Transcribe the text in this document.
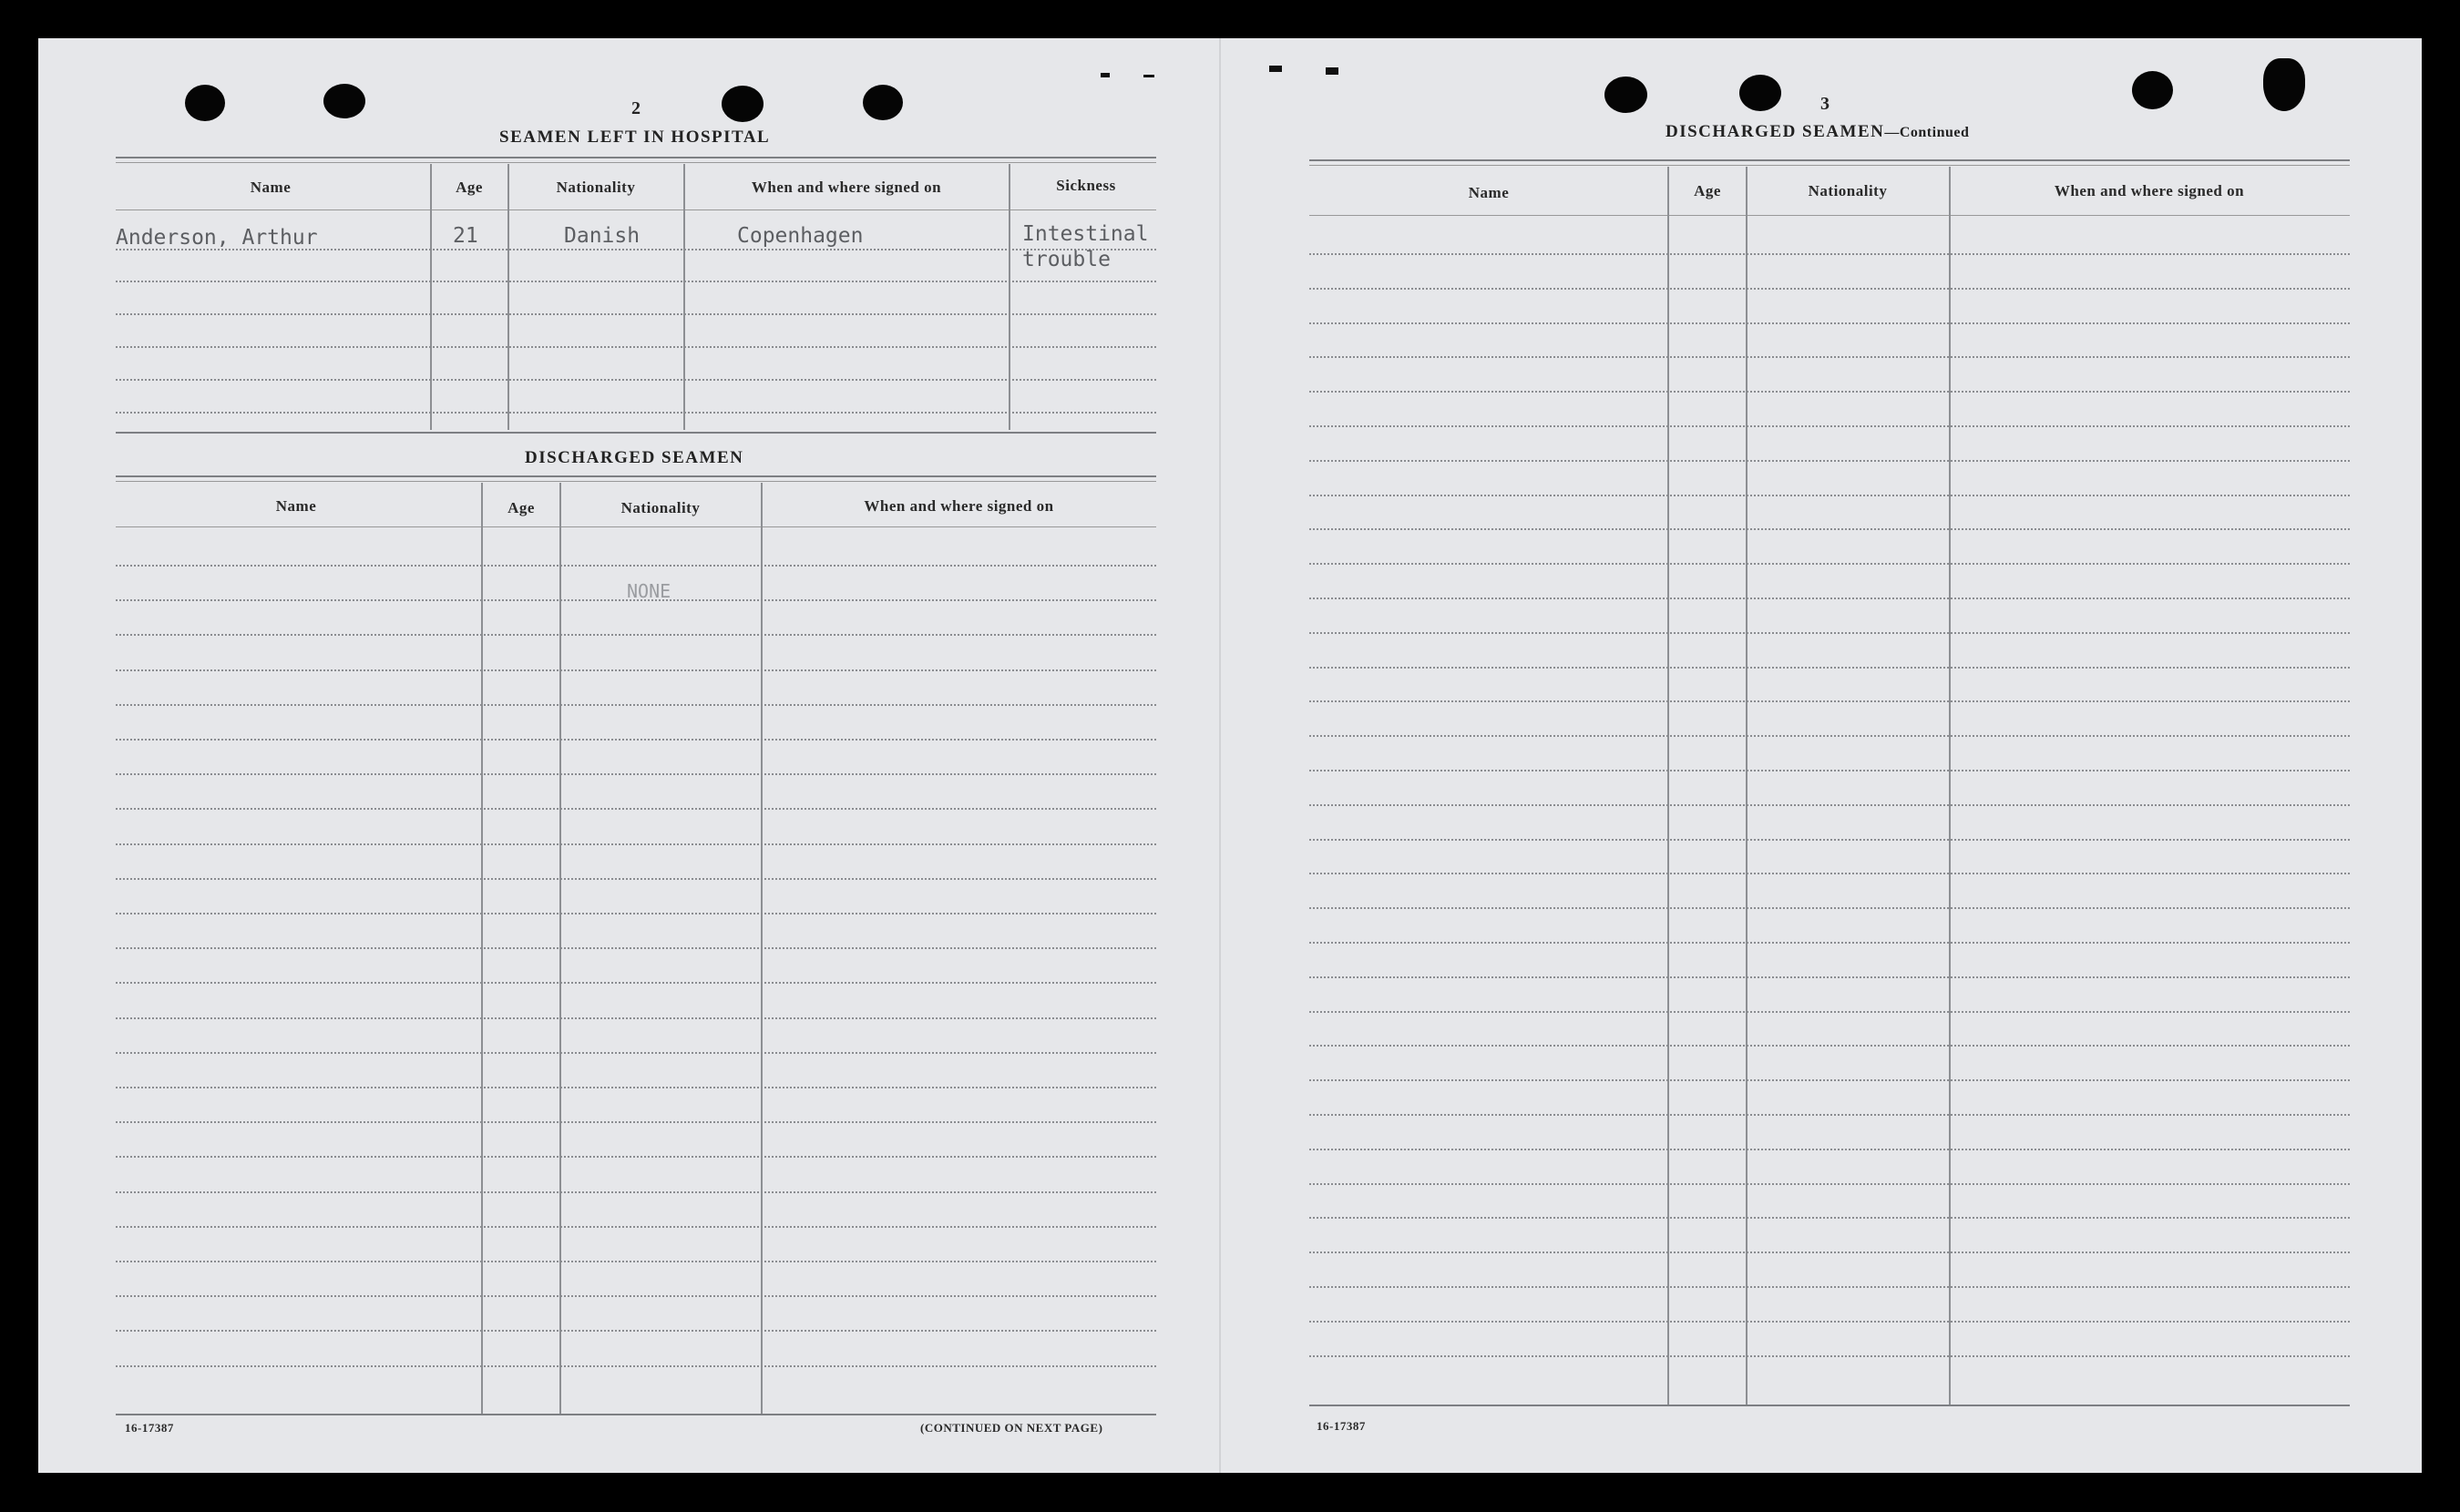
2
SEAMEN LEFT IN HOSPITAL
Name	Age	Nationality	When and where signed on	Sickness
Anderson, Arthur	21	Danish	Copenhagen	Intestinal
trouble
DISCHARGED SEAMEN
Name	Age	Nationality	When and where signed on
NONE
16-17387	(CONTINUED ON NEXT PAGE)
3
DISCHARGED SEAMEN—Continued
Name	Age	Nationality	When and where signed on
16-17387
